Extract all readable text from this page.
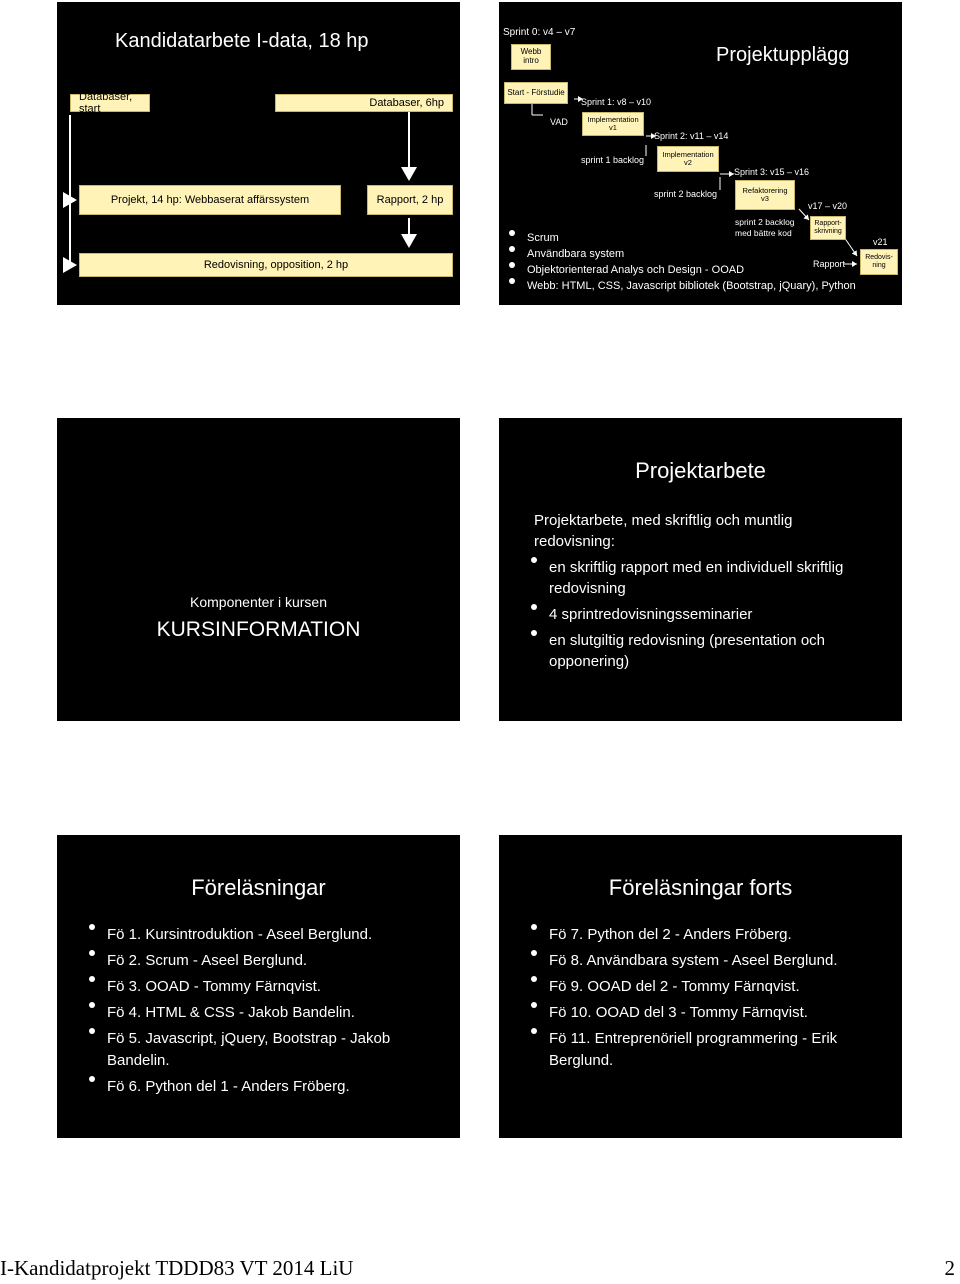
Kandidatarbete I-data, 18 hp
Databaser, start	Databaser, 6hp
Projekt, 14 hp: Webbaserat affärssystem	Rapport, 2 hp
Redovisning, opposition, 2 hp
Projektupplägg
Sprint 0: v4 – v7
Webb intro
Start - Förstudie
VAD
Sprint 1: v8 – v10
Implementation v1
sprint 1 backlog
Sprint 2: v11 – v14
Implementation v2
sprint 2 backlog
Sprint 3: v15 – v16
Refaktorering v3
v17 – v20
sprint 2 backlog
med bättre kod
Rapport- skrivning
v21
Rapport
Redovis- ning
Scrum
Användbara system
Objektorienterad Analys och Design - OOAD
Webb: HTML, CSS, Javascript bibliotek (Bootstrap, jQuary), Python
Komponenter i kursen
KURSINFORMATION
Projektarbete
Projektarbete, med skriftlig och muntlig redovisning:
en skriftlig rapport med en individuell skriftlig redovisning
4 sprintredovisningsseminarier
en slutgiltig redovisning (presentation och opponering)
Föreläsningar
Fö 1. Kursintroduktion - Aseel Berglund.
Fö 2. Scrum - Aseel Berglund.
Fö 3. OOAD - Tommy Färnqvist.
Fö 4. HTML & CSS - Jakob Bandelin.
Fö 5. Javascript, jQuery, Bootstrap - Jakob Bandelin.
Fö 6. Python del 1 - Anders Fröberg.
Föreläsningar forts
Fö 7. Python del 2 - Anders Fröberg.
Fö 8. Användbara system - Aseel Berglund.
Fö 9. OOAD del 2 - Tommy Färnqvist.
Fö 10. OOAD del 3 - Tommy Färnqvist.
Fö 11. Entreprenöriell programmering - Erik Berglund.
I-Kandidatprojekt TDDD83 VT 2014 LiU	2
